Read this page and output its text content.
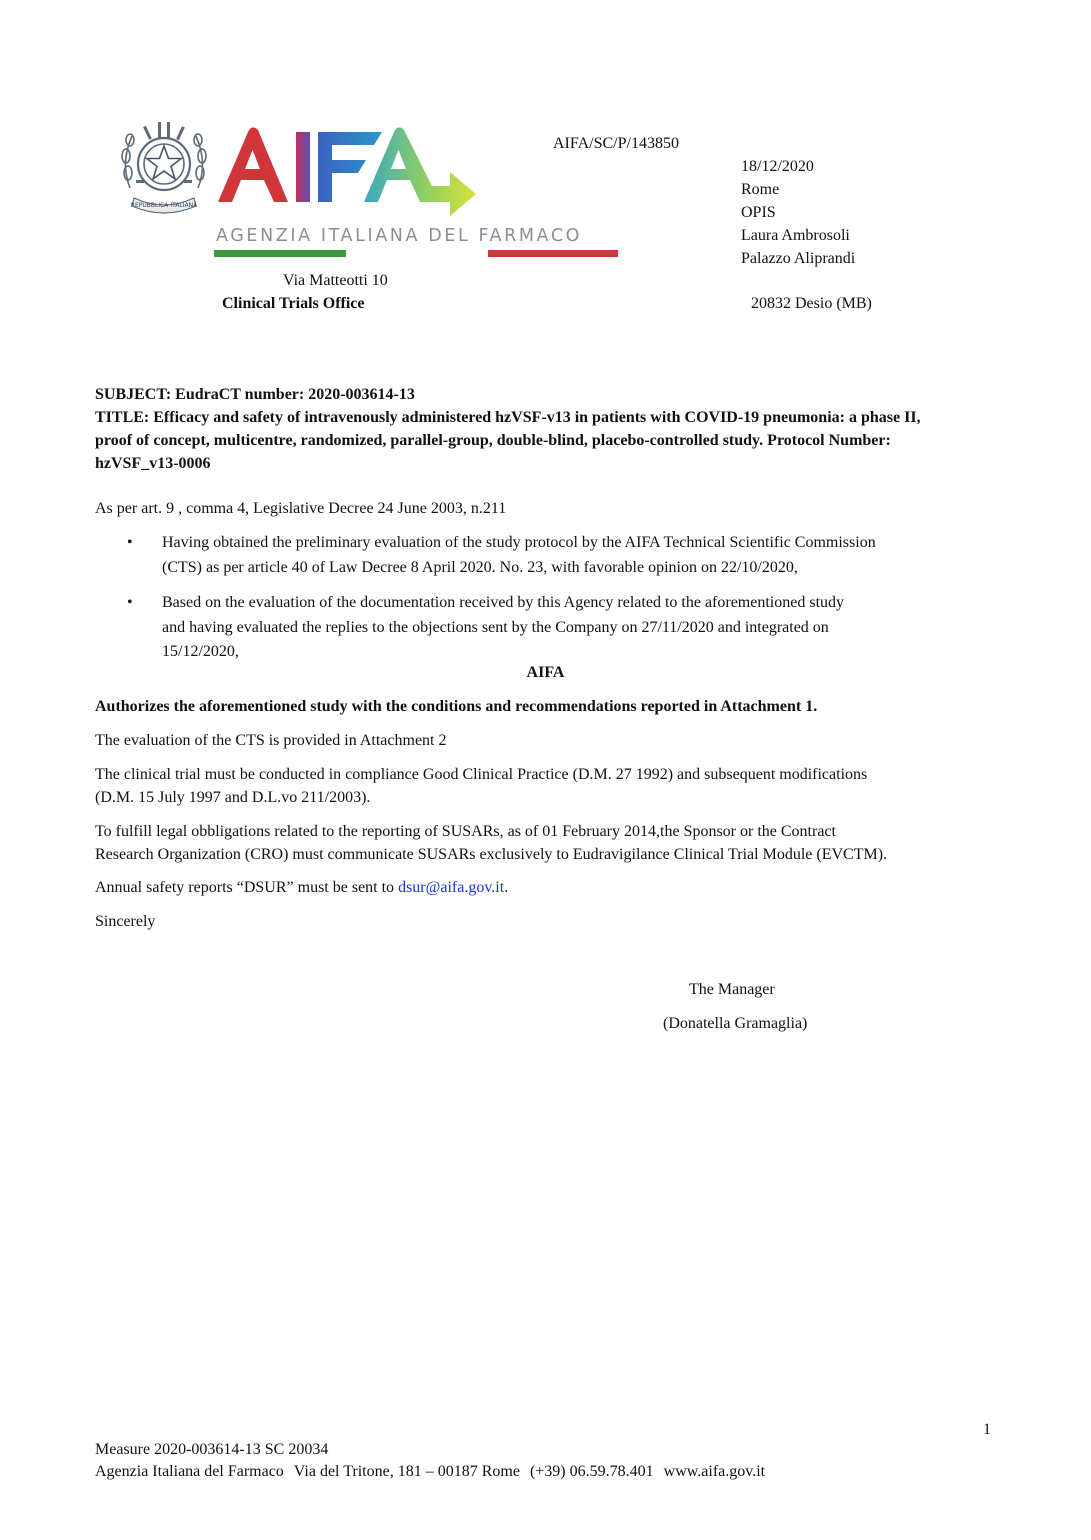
REPUBBLICA ITALIANA
AGENZIA ITALIANA DEL FARMACO
AIFA/SC/P/143850
18/12/2020
Rome
OPIS
Laura Ambrosoli
Palazzo Aliprandi
Via Matteotti 10
Clinical Trials Office	20832 Desio (MB)
SUBJECT: EudraCT number: 2020-003614-13
TITLE: Efficacy and safety of intravenously administered hzVSF-v13 in patients with COVID-19 pneumonia: a phase II,
proof of concept, multicentre, randomized, parallel-group, double-blind, placebo-controlled study. Protocol Number:
hzVSF_v13-0006
As per art. 9 , comma 4, Legislative Decree 24 June 2003, n.211
• Having obtained the preliminary evaluation of the study protocol by the AIFA Technical Scientific Commission
(CTS) as per article 40 of Law Decree 8 April 2020. No. 23, with favorable opinion on 22/10/2020,
• Based on the evaluation of the documentation received by this Agency related to the aforementioned study
and having evaluated the replies to the objections sent by the Company on 27/11/2020 and integrated on
15/12/2020,
AIFA
Authorizes the aforementioned study with the conditions and recommendations reported in Attachment 1.
The evaluation of the CTS is provided in Attachment 2
The clinical trial must be conducted in compliance Good Clinical Practice (D.M. 27 1992) and subsequent modifications
(D.M. 15 July 1997 and D.L.vo 211/2003).
To fulfill legal obbligations related to the reporting of SUSARs, as of 01 February 2014,the Sponsor or the Contract
Research Organization (CRO) must communicate SUSARs exclusively to Eudravigilance Clinical Trial Module (EVCTM).
Annual safety reports “DSUR” must be sent to dsur@aifa.gov.it.
Sincerely
The Manager
(Donatella Gramaglia)
1
Measure 2020-003614-13 SC 20034
Agenzia Italiana del Farmaco Via del Tritone, 181 – 00187 Rome (+39) 06.59.78.401 www.aifa.gov.it
